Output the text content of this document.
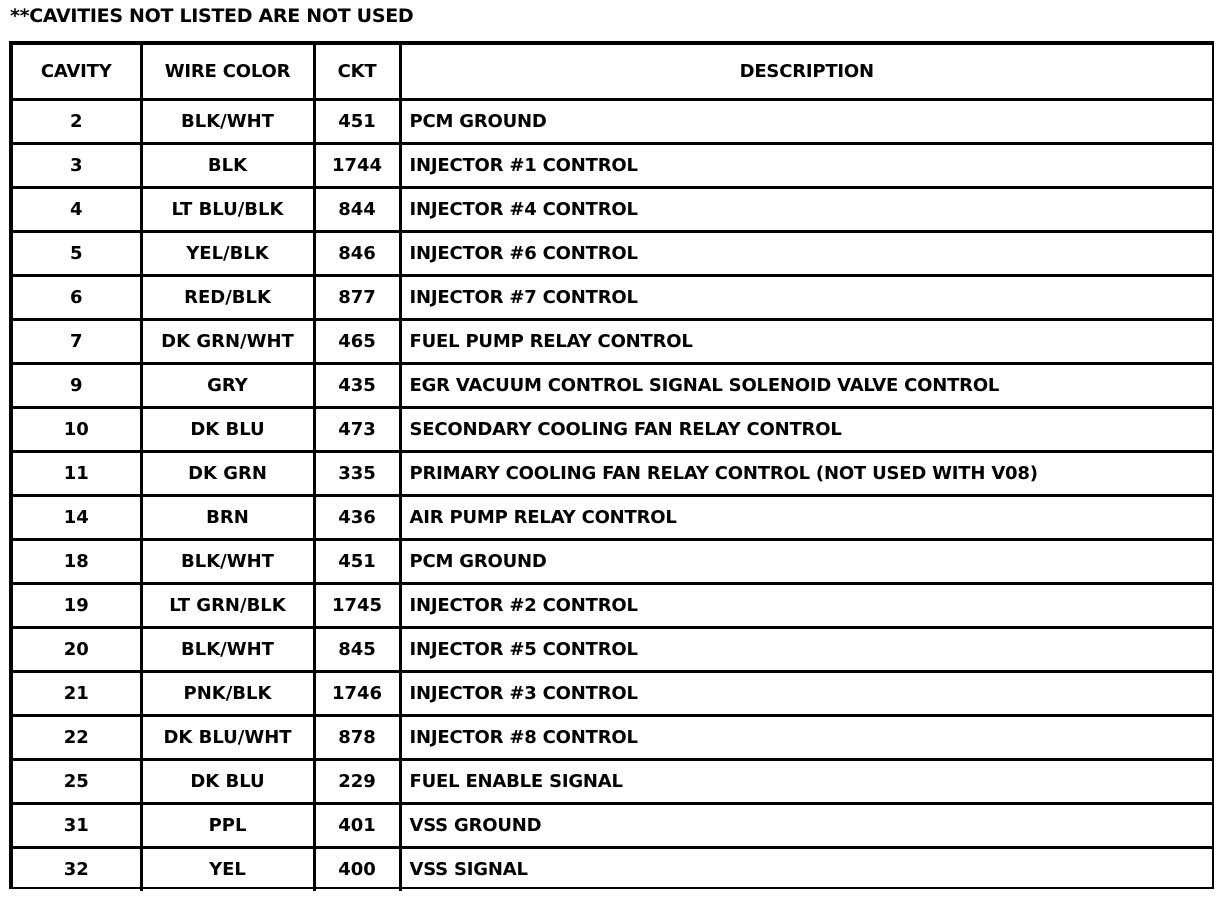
**CAVITIES NOT LISTED ARE NOT USED
CAVITY	WIRE COLOR	CKT	DESCRIPTION
2	BLK/WHT	451	PCM GROUND
3	BLK	1744	INJECTOR #1 CONTROL
4	LT BLU/BLK	844	INJECTOR #4 CONTROL
5	YEL/BLK	846	INJECTOR #6 CONTROL
6	RED/BLK	877	INJECTOR #7 CONTROL
7	DK GRN/WHT	465	FUEL PUMP RELAY CONTROL
9	GRY	435	EGR VACUUM CONTROL SIGNAL SOLENOID VALVE CONTROL
10	DK BLU	473	SECONDARY COOLING FAN RELAY CONTROL
11	DK GRN	335	PRIMARY COOLING FAN RELAY CONTROL (NOT USED WITH V08)
14	BRN	436	AIR PUMP RELAY CONTROL
18	BLK/WHT	451	PCM GROUND
19	LT GRN/BLK	1745	INJECTOR #2 CONTROL
20	BLK/WHT	845	INJECTOR #5 CONTROL
21	PNK/BLK	1746	INJECTOR #3 CONTROL
22	DK BLU/WHT	878	INJECTOR #8 CONTROL
25	DK BLU	229	FUEL ENABLE SIGNAL
31	PPL	401	VSS GROUND
32	YEL	400	VSS SIGNAL
